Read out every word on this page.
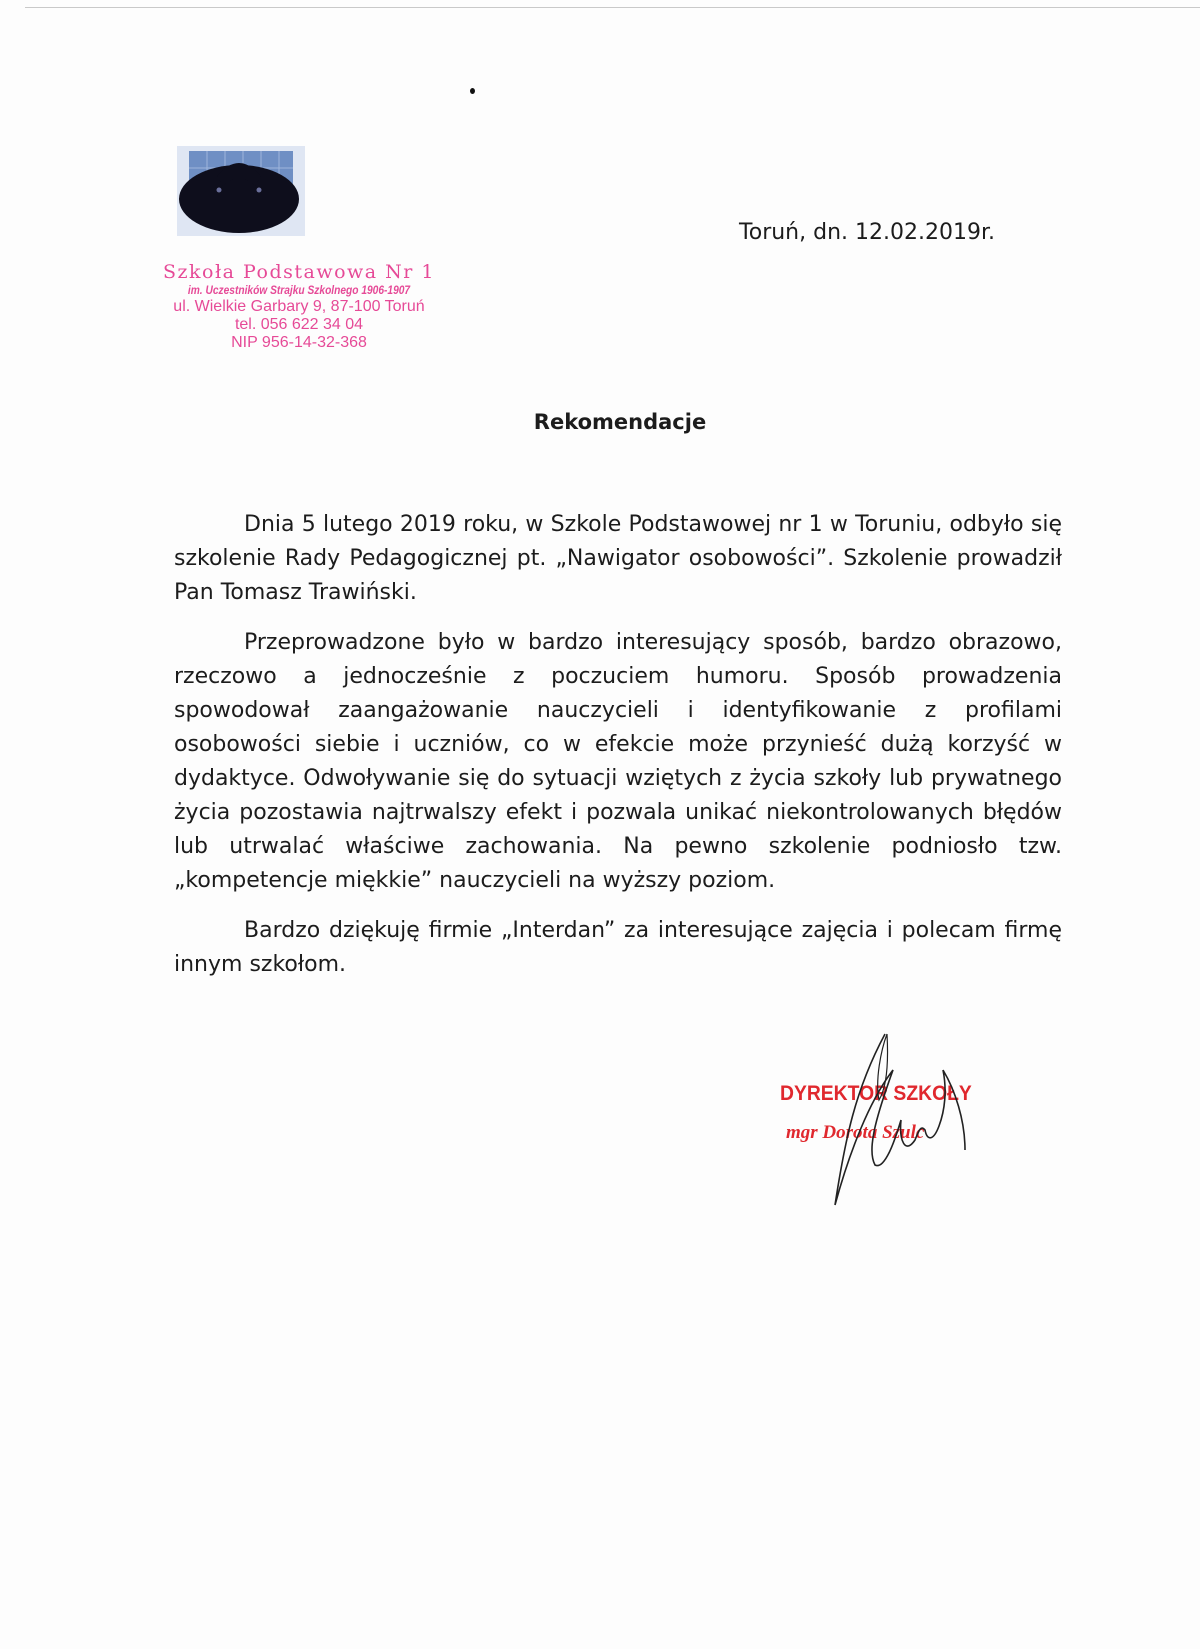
Szkoła Podstawowa Nr 1
im. Uczestników Strajku Szkolnego 1906-1907
ul. Wielkie Garbary 9, 87-100 Toruń
tel. 056 622 34 04
NIP 956-14-32-368
Toruń, dn. 12.02.2019r.
Rekomendacje

Dnia 5 lutego 2019 roku, w Szkole Podstawowej nr 1 w Toruniu, odbyło się szkolenie Rady Pedagogicznej pt. „Nawigator osobowości”. Szkolenie prowadził Pan Tomasz Trawiński.

Przeprowadzone było w bardzo interesujący sposób, bardzo obrazowo, rzeczowo a jednocześnie z poczuciem humoru. Sposób prowadzenia spowodował zaangażowanie nauczycieli i identyfikowanie z profilami osobowości siebie i uczniów, co w efekcie może przynieść dużą korzyść w dydaktyce. Odwoływanie się do sytuacji wziętych z życia szkoły lub prywatnego życia pozostawia najtrwalszy efekt i pozwala unikać niekontrolowanych błędów lub utrwalać właściwe zachowania. Na pewno szkolenie podniosło tzw. „kompetencje miękkie” nauczycieli na wyższy poziom.

Bardzo dziękuję firmie „Interdan” za interesujące zajęcia i polecam firmę innym szkołom.

DYREKTOR SZKOŁY
mgr Dorota Szulc
